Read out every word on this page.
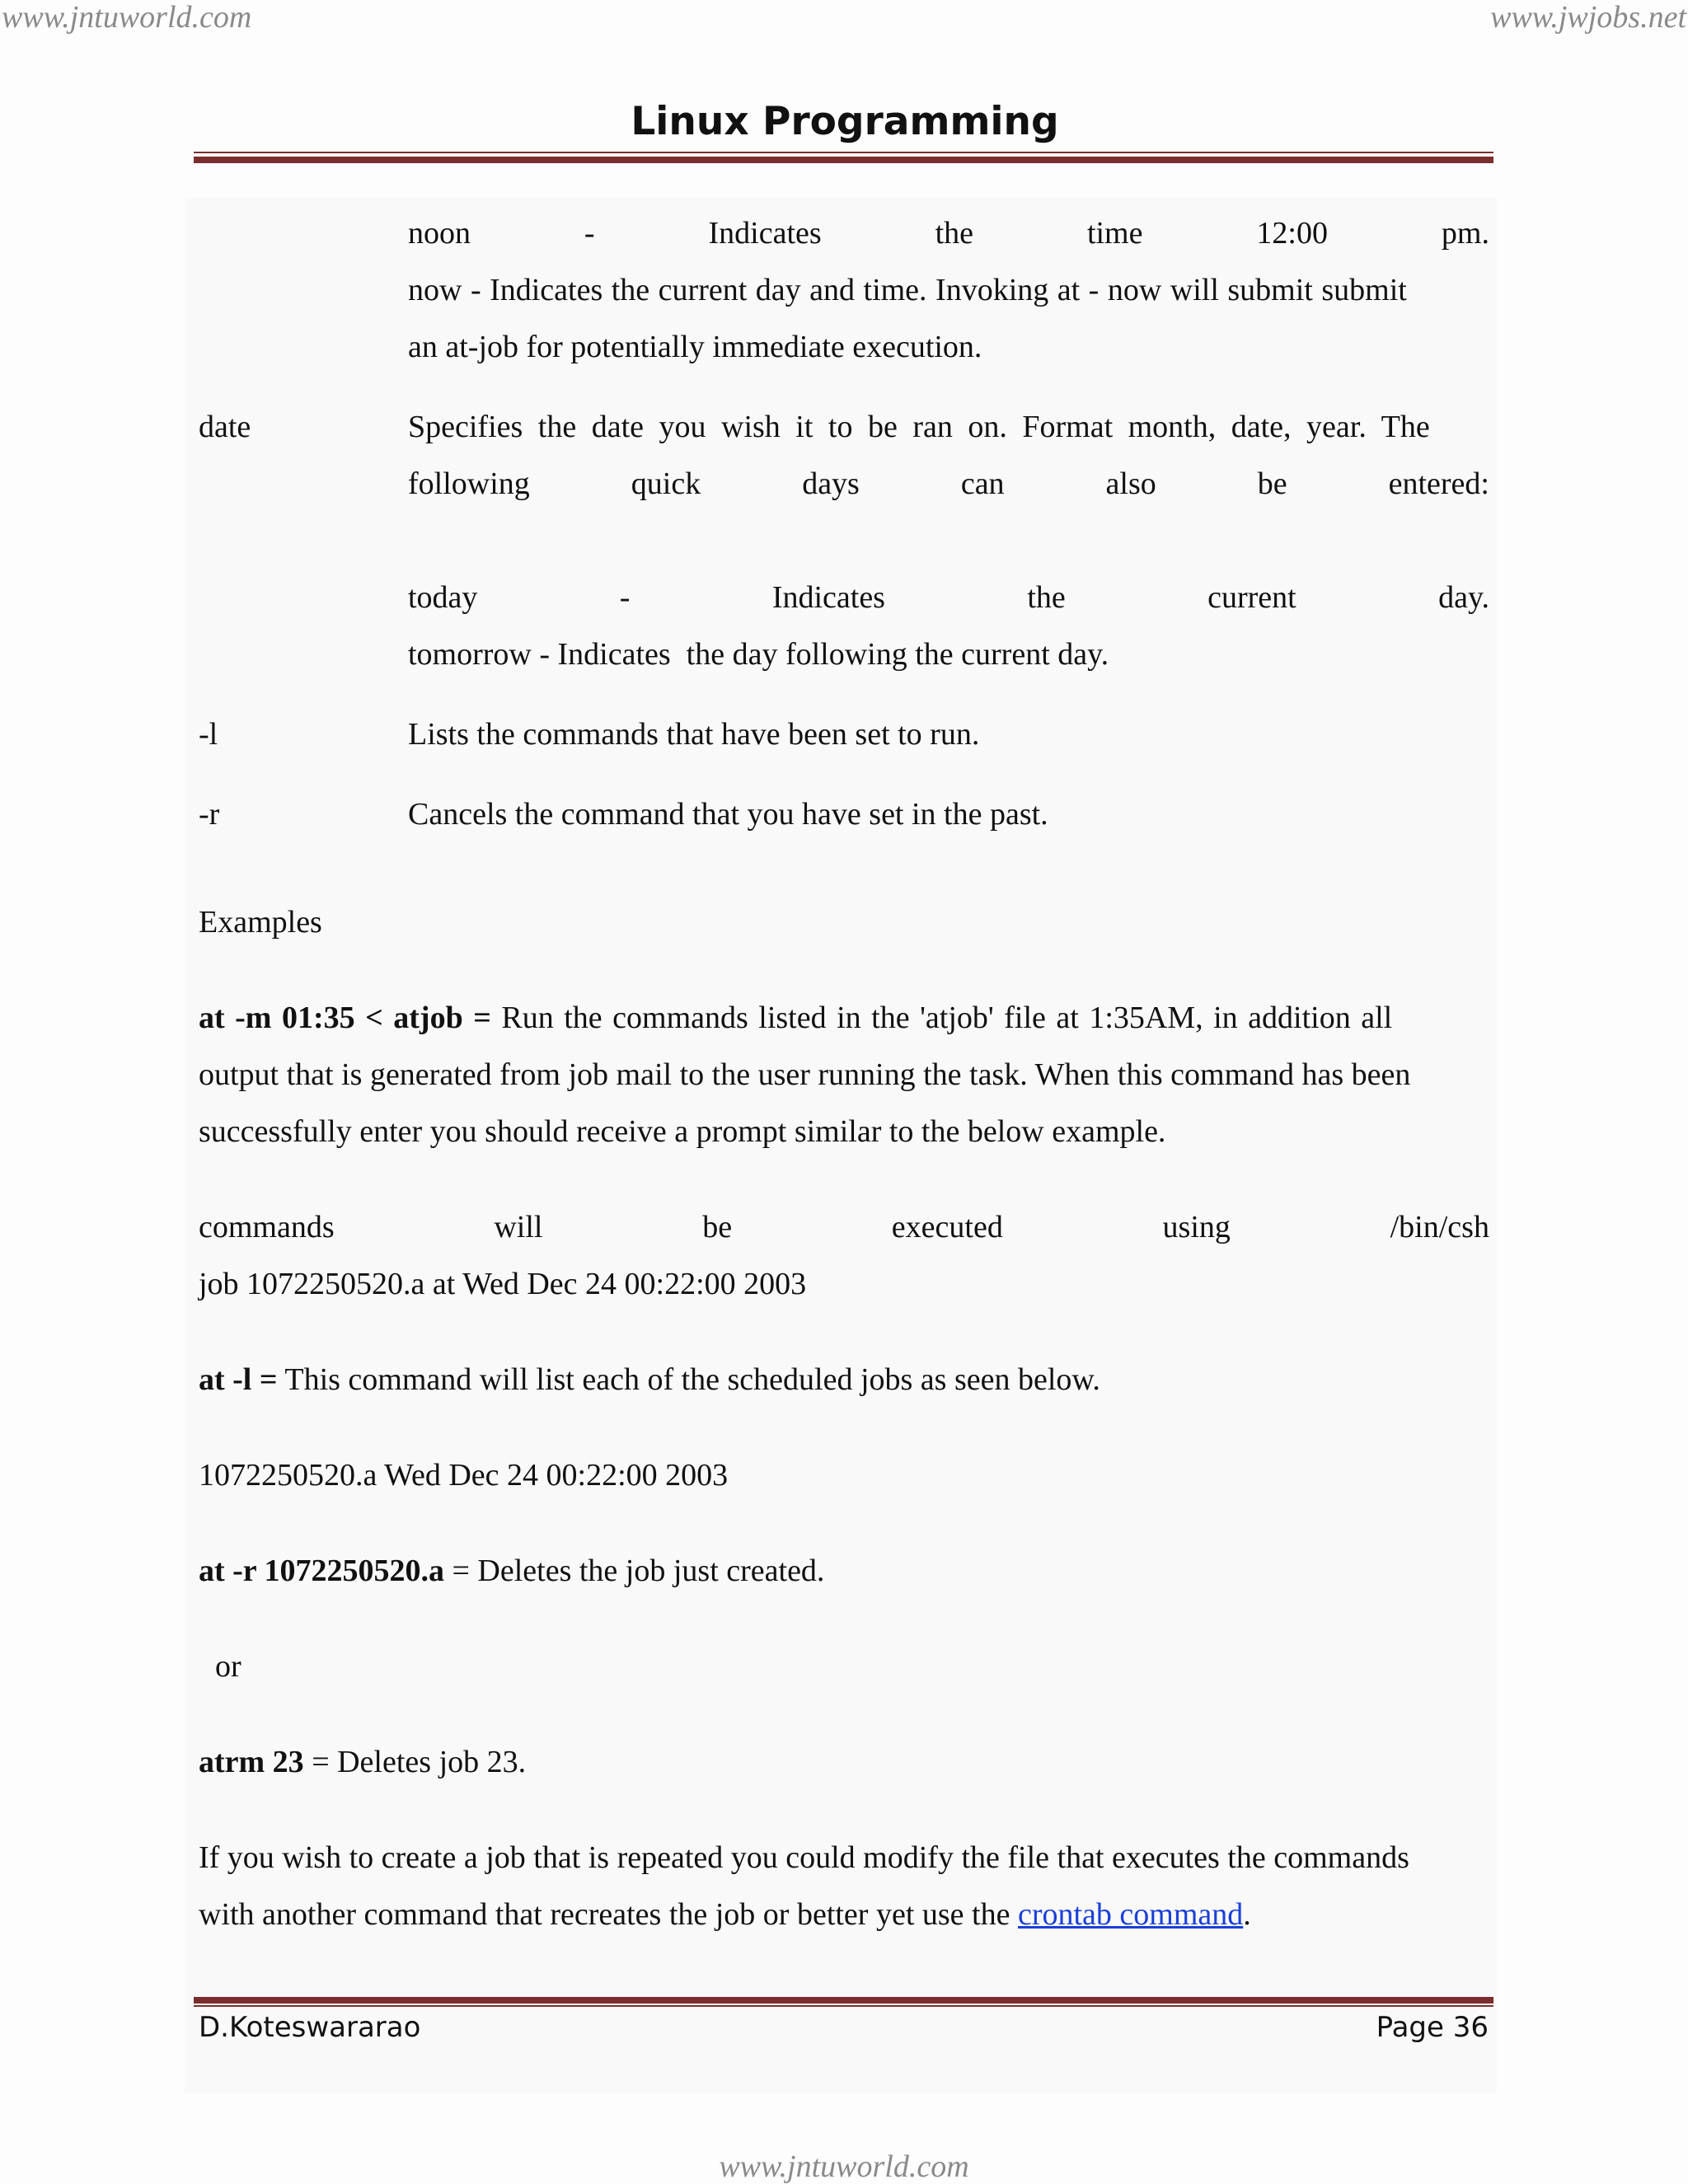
www.jntuworld.com	www.jwjobs.net

Linux Programming
noon	-	Indicates	the	time	12:00	pm.

now - Indicates the current day and time. Invoking at - now will submit submit

an at-job for potentially immediate execution.

date	Specifies the date you wish it to be ran on. Format month, date, year. The

following	quick	days	can	also	be	entered:
today	-	Indicates	the	current	day.

tomorrow - Indicates  the day following the current day.

-l	Lists the commands that have been set to run.

-r	Cancels the command that you have set in the past.

Examples

at -m 01:35 < atjob = Run the commands listed in the 'atjob' file at 1:35AM, in addition all

output that is generated from job mail to the user running the task. When this command has been

successfully enter you should receive a prompt similar to the below example.

commands	will	be	executed	using	/bin/csh

job 1072250520.a at Wed Dec 24 00:22:00 2003

at -l = This command will list each of the scheduled jobs as seen below.

1072250520.a Wed Dec 24 00:22:00 2003

at -r 1072250520.a = Deletes the job just created.

or

atrm 23 = Deletes job 23.

If you wish to create a job that is repeated you could modify the file that executes the commands

with another command that recreates the job or better yet use the crontab command.

D.Koteswararao	Page 36

www.jntuworld.com
